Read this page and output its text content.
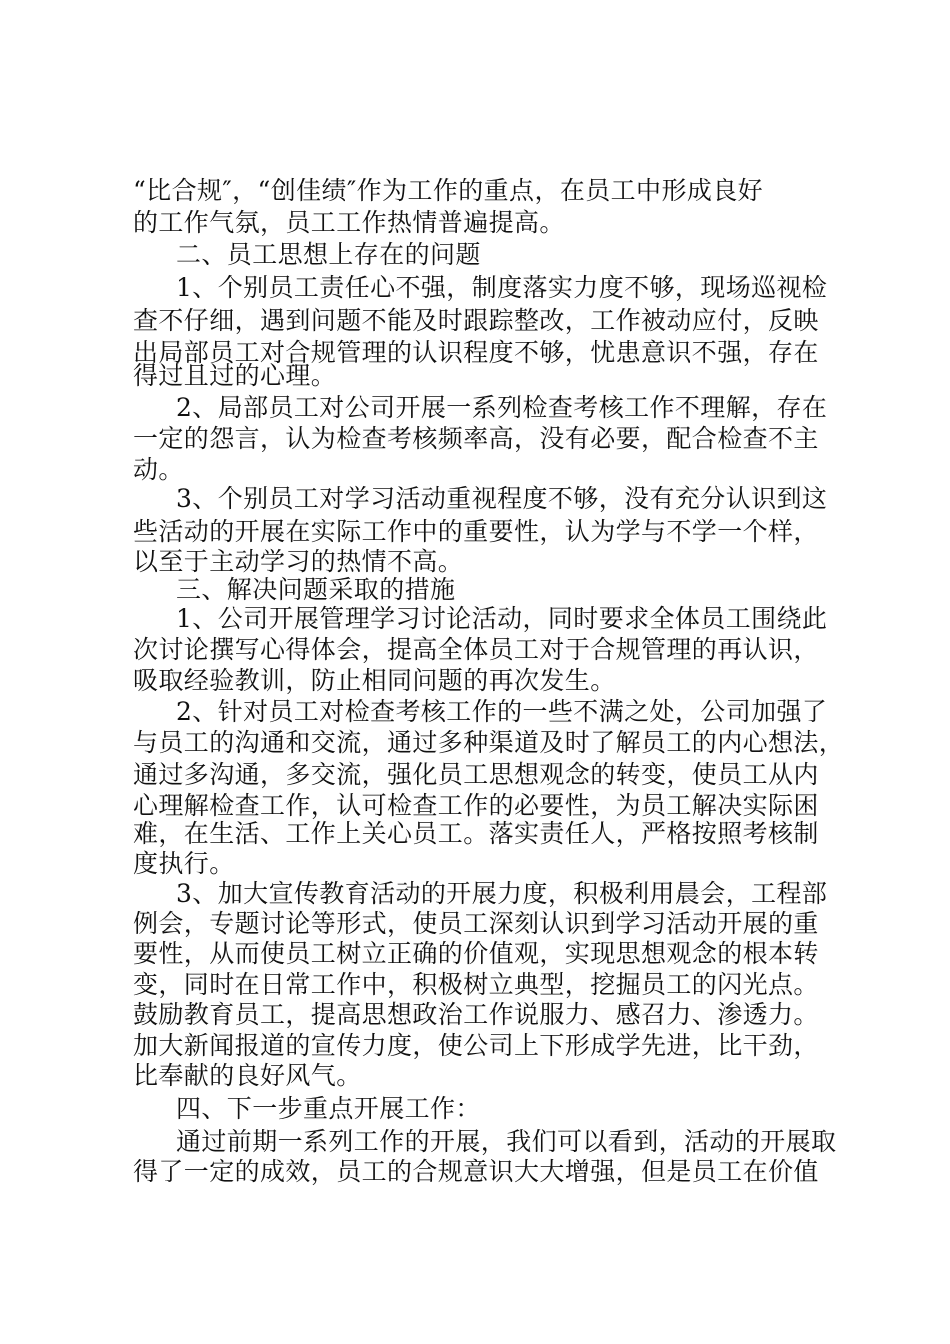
“比合规″，“创佳绩″作为工作的重点，在员工中形成良好
的工作气氛，员工工作热情普遍提高。
二、员工思想上存在的问题
1、个别员工责任心不强，制度落实力度不够，现场巡视检
查不仔细，遇到问题不能及时跟踪整改，工作被动应付，反映
出局部员工对合规管理的认识程度不够，忧患意识不强，存在
得过且过的心理。
2、局部员工对公司开展一系列检查考核工作不理解，存在
一定的怨言，认为检查考核频率高，没有必要，配合检查不主
动。
3、个别员工对学习活动重视程度不够，没有充分认识到这
些活动的开展在实际工作中的重要性，认为学与不学一个样，
以至于主动学习的热情不高。
三、解决问题采取的措施
1、公司开展管理学习讨论活动，同时要求全体员工围绕此
次讨论撰写心得体会，提高全体员工对于合规管理的再认识，
吸取经验教训，防止相同问题的再次发生。
2、针对员工对检查考核工作的一些不满之处，公司加强了
与员工的沟通和交流，通过多种渠道及时了解员工的内心想法，
通过多沟通，多交流，强化员工思想观念的转变，使员工从内
心理解检查工作，认可检查工作的必要性，为员工解决实际困
难，在生活、工作上关心员工。落实责任人，严格按照考核制
度执行。
3、加大宣传教育活动的开展力度，积极利用晨会，工程部
例会，专题讨论等形式，使员工深刻认识到学习活动开展的重
要性，从而使员工树立正确的价值观，实现思想观念的根本转
变，同时在日常工作中，积极树立典型，挖掘员工的闪光点。
鼓励教育员工，提高思想政治工作说服力、感召力、渗透力。
加大新闻报道的宣传力度，使公司上下形成学先进，比干劲，
比奉献的良好风气。
四、下一步重点开展工作：
通过前期一系列工作的开展，我们可以看到，活动的开展取
得了一定的成效，员工的合规意识大大增强，但是员工在价值
